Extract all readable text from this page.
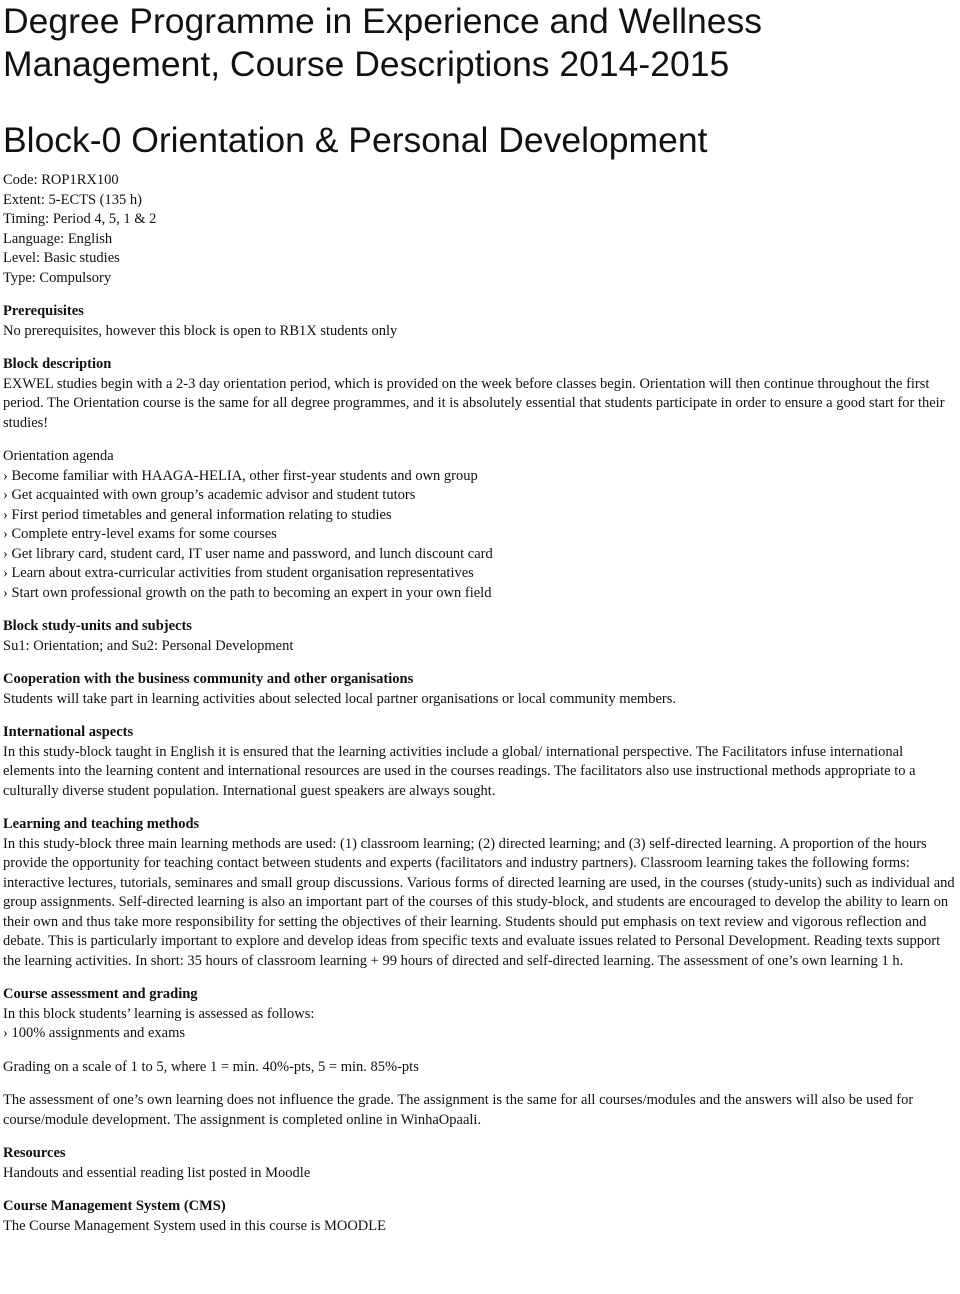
Degree Programme in Experience and Wellness
Management, Course Descriptions 2014-2015
Block-0 Orientation & Personal Development

Code: ROP1RX100

Extent: 5-ECTS (135 h)

Timing: Period 4, 5, 1 & 2

Language: English

Level: Basic studies

Type: Compulsory

Prerequisites

No prerequisites, however this block is open to RB1X students only

Block description

EXWEL studies begin with a 2-3 day orientation period, which is provided on the week before classes begin. Orientation will then continue throughout the first period. The Orientation course is the same for all degree programmes, and it is absolutely essential that students participate in order to ensure a good start for their studies!

Orientation agenda

› Become familiar with HAAGA-HELIA, other first-year students and own group

› Get acquainted with own group’s academic advisor and student tutors

› First period timetables and general information relating to studies

› Complete entry-level exams for some courses

› Get library card, student card, IT user name and password, and lunch discount card

› Learn about extra-curricular activities from student organisation representatives

› Start own professional growth on the path to becoming an expert in your own field

Block study-units and subjects

Su1: Orientation; and Su2: Personal Development

Cooperation with the business community and other organisations

Students will take part in learning activities about selected local partner organisations or local community members.

International aspects

In this study-block taught in English it is ensured that the learning activities include a global/ international perspective. The Facilitators infuse international elements into the learning content and international resources are used in the courses readings. The facilitators also use instructional methods appropriate to a culturally diverse student population. International guest speakers are always sought.

Learning and teaching methods

In this study-block three main learning methods are used: (1) classroom learning; (2) directed learning; and (3) self-directed learning. A proportion of the hours provide the opportunity for teaching contact between students and experts (facilitators and industry partners). Classroom learning takes the following forms: interactive lectures, tutorials, seminares and small group discussions. Various forms of directed learning are used, in the courses (study-units) such as individual and group assignments. Self-directed learning is also an important part of the courses of this study-block, and students are encouraged to develop the ability to learn on their own and thus take more responsibility for setting the objectives of their learning. Students should put emphasis on text review and vigorous reflection and debate. This is particularly important to explore and develop ideas from specific texts and evaluate issues related to Personal Development. Reading texts support the learning activities. In short: 35 hours of classroom learning + 99 hours of directed and self-directed learning. The assessment of one’s own learning 1 h.

Course assessment and grading

In this block students’ learning is assessed as follows:

› 100% assignments and exams

Grading on a scale of 1 to 5, where 1 = min. 40%-pts, 5 = min. 85%-pts

The assessment of one’s own learning does not influence the grade. The assignment is the same for all courses/modules and the answers will also be used for course/module development. The assignment is completed online in WinhaOpaali.

Resources

Handouts and essential reading list posted in Moodle

Course Management System (CMS)

The Course Management System used in this course is MOODLE
